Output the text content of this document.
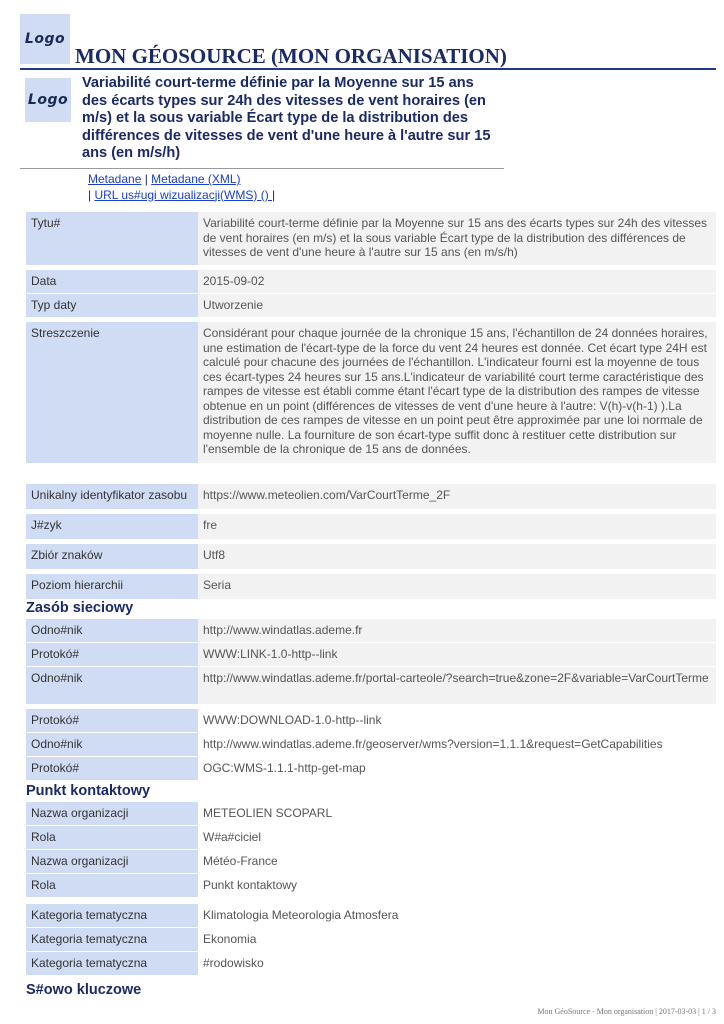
Logo
MON GÉOSOURCE (MON ORGANISATION)
Logo
Variabilité court-terme définie par la Moyenne sur 15 ans des écarts types sur 24h des vitesses de vent horaires (en m/s) et la sous variable Écart type de la distribution des différences de vitesses de vent d'une heure à l'autre sur 15 ans (en m/s/h)
Metadane | Metadane (XML)
| URL us#ugi wizualizacji(WMS) () |
Tytu#	Variabilité court-terme définie par la Moyenne sur 15 ans des écarts types sur 24h des vitesses de vent horaires (en m/s) et la sous variable Écart type de la distribution des différences de vitesses de vent d'une heure à l'autre sur 15 ans (en m/s/h)
Data	2015-09-02
Typ daty	Utworzenie
Streszczenie	Considérant pour chaque journée de la chronique 15 ans, l'échantillon de 24 données horaires, une estimation de l'écart-type de la force du vent 24 heures est donnée. Cet écart type 24H est calculé pour chacune des journées de l'échantillon. L'indicateur fourni est la moyenne de tous ces écart-types 24 heures sur 15 ans.L'indicateur de variabilité court terme caractéristique des rampes de vitesse est établi comme étant l'écart type de la distribution des rampes de vitesse obtenue en un point (différences de vitesses de vent d'une heure à l'autre: V(h)-v(h-1) ).La distribution de ces rampes de vitesse en un point peut être approximée par une loi normale de moyenne nulle. La fourniture de son écart-type suffit donc à restituer cette distribution sur l'ensemble de la chronique de 15 ans de données.
Unikalny identyfikator zasobu	https://www.meteolien.com/VarCourtTerme_2F
J#zyk	fre
Zbiór znaków	Utf8
Poziom hierarchii	Seria
Zasób sieciowy
Odno#nik	http://www.windatlas.ademe.fr
Protokó#	WWW:LINK-1.0-http--link
Odno#nik	http://www.windatlas.ademe.fr/portal-carteole/?search=true&zone=2F&variable=VarCourtTerme
Protokó#	WWW:DOWNLOAD-1.0-http--link
Odno#nik	http://www.windatlas.ademe.fr/geoserver/wms?version=1.1.1&request=GetCapabilities
Protokó#	OGC:WMS-1.1.1-http-get-map
Punkt kontaktowy
Nazwa organizacji	METEOLIEN SCOPARL
Rola	W#a#ciciel
Nazwa organizacji	Météo-France
Rola	Punkt kontaktowy
Kategoria tematyczna	Klimatologia Meteorologia Atmosfera
Kategoria tematyczna	Ekonomia
Kategoria tematyczna	#rodowisko
S#owo kluczowe
Mon GéoSource - Mon organisation | 2017-03-03 | 1 / 3
